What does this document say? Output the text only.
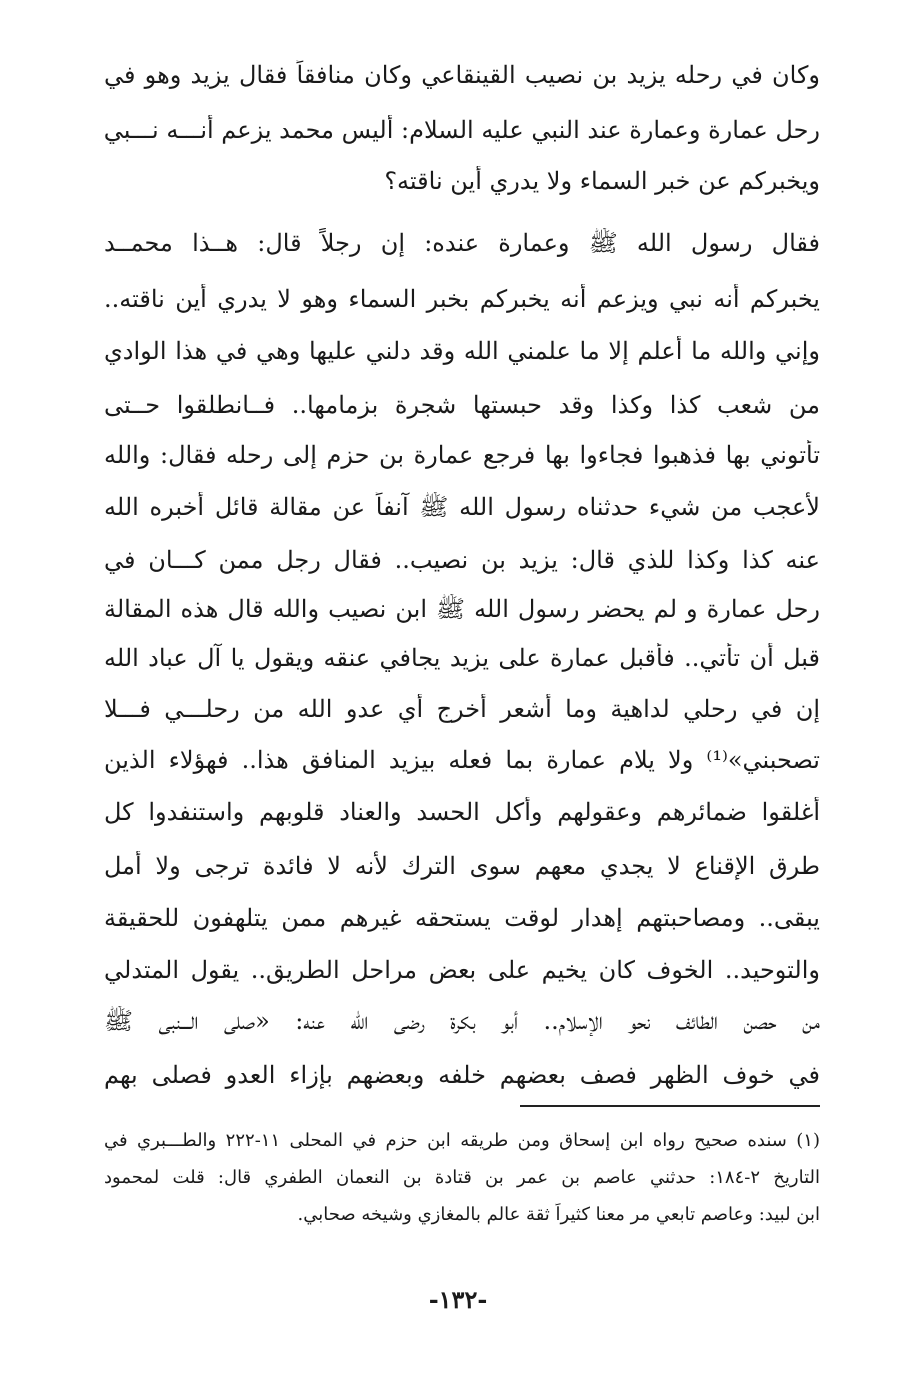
وكان في رحله يزيد بن نصيب القينقاعي وكان منافقاً فقال يزيد وهو في
رحل عمارة وعمارة عند النبي عليه السلام: أليس محمد يزعم أنـــه نـــبي
ويخبركم عن خبر السماء ولا يدري أين ناقته؟
فقال رسول الله ﷺ وعمارة عنده: إن رجلاً قال: هــذا محمــد
يخبركم أنه نبي ويزعم أنه يخبركم بخبر السماء وهو لا يدري أين ناقته..
وإني والله ما أعلم إلا ما علمني الله وقد دلني عليها وهي في هذا الوادي
من شعب كذا وكذا وقد حبستها شجرة بزمامها.. فــانطلقوا حــتى
تأتوني بها فذهبوا فجاءوا بها فرجع عمارة بن حزم إلى رحله فقال: والله
لأعجب من شيء حدثناه رسول الله ﷺ آنفاً عن مقالة قائل أخبره الله
عنه كذا وكذا للذي قال: يزيد بن نصيب.. فقال رجل ممن كـــان في
رحل عمارة و لم يحضر رسول الله ﷺ ابن نصيب والله قال هذه المقالة
قبل أن تأتي.. فأقبل عمارة على يزيد يجافي عنقه ويقول يا آل عباد الله
إن في رحلي لداهية وما أشعر أخرج أي عدو الله من رحلـــي فـــلا
تصحبني»⁽¹⁾ ولا يلام عمارة بما فعله بيزيد المنافق هذا.. فهؤلاء الذين
أغلقوا ضمائرهم وعقولهم وأكل الحسد والعناد قلوبهم واستنفدوا كل
طرق الإقناع لا يجدي معهم سوى الترك لأنه لا فائدة ترجى ولا أمل
يبقى.. ومصاحبتهم إهدار لوقت يستحقه غيرهم ممن يتلهفون للحقيقة
والتوحيد.. الخوف كان يخيم على بعض مراحل الطريق.. يقول المتدلي
من حصن الطائف نحو الإسلام.. أبو بكرة رضي الله عنه: «صلى الـــنبي ﷺ
في خوف الظهر فصف بعضهم خلفه وبعضهم بإزاء العدو فصلى بهم
(١) سنده صحيح رواه ابن إسحاق ومن طريقه ابن حزم في المحلى ١١-٢٢٢ والطـــبري في
التاريخ ٢-١٨٤: حدثني عاصم بن عمر بن قتادة بن النعمان الطفري قال: قلت لمحمود
ابن لبيد: وعاصم تابعي مر معنا كثيراً ثقة عالم بالمغازي وشيخه صحابي.
-١٣٢-
